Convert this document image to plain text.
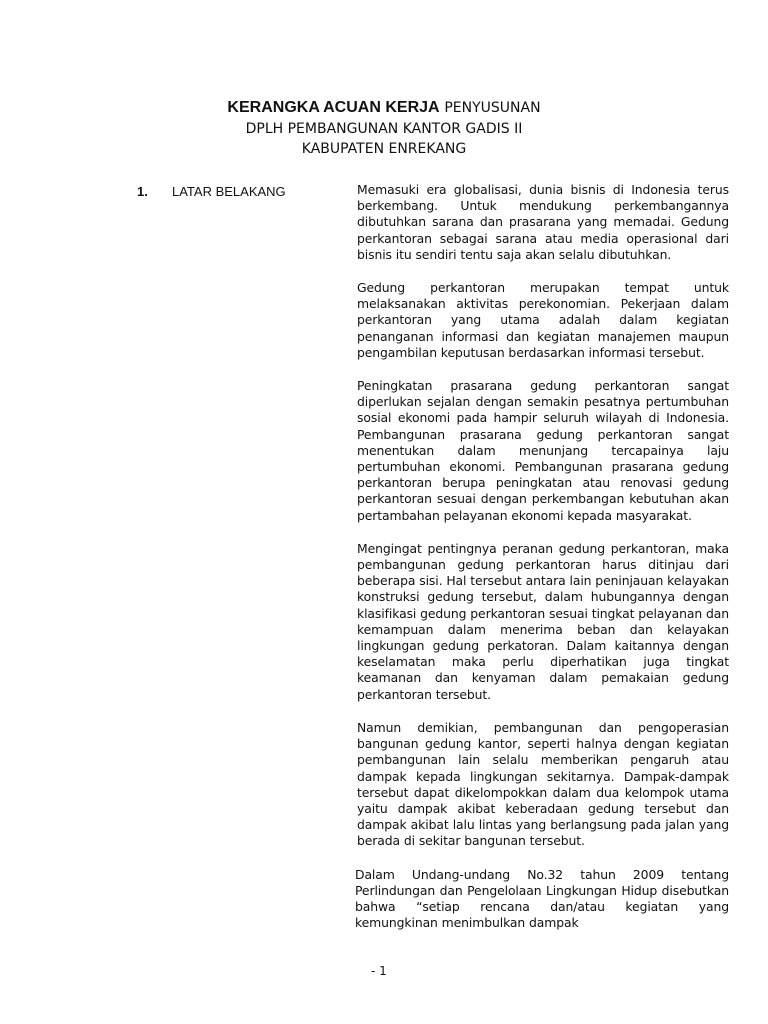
KERANGKA ACUAN KERJA PENYUSUNAN
DPLH PEMBANGUNAN KANTOR GADIS II
KABUPATEN ENREKANG
1. LATAR BELAKANG	Memasuki era globalisasi, dunia bisnis di Indonesia terus berkembang. Untuk mendukung perkembangannya dibutuhkan sarana dan prasarana yang memadai. Gedung perkantoran sebagai sarana atau media operasional dari bisnis itu sendiri tentu saja akan selalu dibutuhkan.

Gedung perkantoran merupakan tempat untuk melaksanakan aktivitas perekonomian. Pekerjaan dalam perkantoran yang utama adalah dalam kegiatan penanganan informasi dan kegiatan manajemen maupun pengambilan keputusan berdasarkan informasi tersebut.

Peningkatan prasarana gedung perkantoran sangat diperlukan sejalan dengan semakin pesatnya pertumbuhan sosial ekonomi pada hampir seluruh wilayah di Indonesia. Pembangunan prasarana gedung perkantoran sangat menentukan dalam menunjang tercapainya laju pertumbuhan ekonomi. Pembangunan prasarana gedung perkantoran berupa peningkatan atau renovasi gedung perkantoran sesuai dengan perkembangan kebutuhan akan pertambahan pelayanan ekonomi kepada masyarakat.

Mengingat pentingnya peranan gedung perkantoran, maka pembangunan gedung perkantoran harus ditinjau dari beberapa sisi. Hal tersebut antara lain peninjauan kelayakan konstruksi gedung tersebut, dalam hubungannya dengan klasifikasi gedung perkantoran sesuai tingkat pelayanan dan kemampuan dalam menerima beban dan kelayakan lingkungan gedung perkatoran. Dalam kaitannya dengan keselamatan maka perlu diperhatikan juga tingkat keamanan dan kenyaman dalam pemakaian gedung perkantoran tersebut.

Namun demikian, pembangunan dan pengoperasian bangunan gedung kantor, seperti halnya dengan kegiatan pembangunan lain selalu memberikan pengaruh atau dampak kepada lingkungan sekitarnya. Dampak-dampak tersebut dapat dikelompokkan dalam dua kelompok utama yaitu dampak akibat keberadaan gedung tersebut dan dampak akibat lalu lintas yang berlangsung pada jalan yang berada di sekitar bangunan tersebut.

Dalam Undang-undang No.32 tahun 2009 tentang Perlindungan dan Pengelolaan Lingkungan Hidup disebutkan bahwa “setiap rencana dan/atau kegiatan yang kemungkinan menimbulkan dampak

- 1
